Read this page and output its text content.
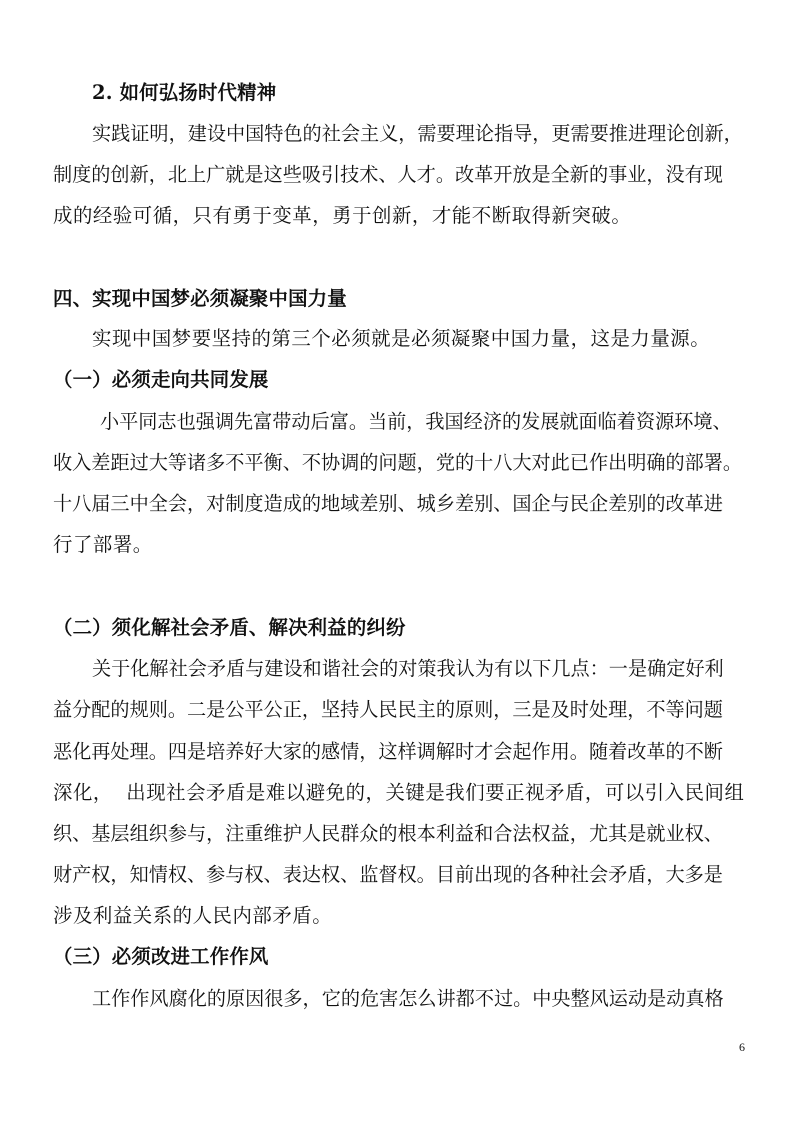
2. 如何弘扬时代精神
实践证明，建设中国特色的社会主义，需要理论指导，更需要推进理论创新，
制度的创新，北上广就是这些吸引技术、人才。改革开放是全新的事业，没有现
成的经验可循，只有勇于变革，勇于创新，才能不断取得新突破。
四、实现中国梦必须凝聚中国力量
实现中国梦要坚持的第三个必须就是必须凝聚中国力量，这是力量源。
（一）必须走向共同发展
小平同志也强调先富带动后富。当前，我国经济的发展就面临着资源环境、
收入差距过大等诸多不平衡、不协调的问题，党的十八大对此已作出明确的部署。
十八届三中全会，对制度造成的地域差别、城乡差别、国企与民企差别的改革进
行了部署。
（二）须化解社会矛盾、解决利益的纠纷
关于化解社会矛盾与建设和谐社会的对策我认为有以下几点：一是确定好利
益分配的规则。二是公平公正，坚持人民民主的原则，三是及时处理，不等问题
恶化再处理。四是培养好大家的感情，这样调解时才会起作用。随着改革的不断
深化，  出现社会矛盾是难以避免的，关键是我们要正视矛盾，可以引入民间组
织、基层组织参与，注重维护人民群众的根本利益和合法权益，尤其是就业权、
财产权，知情权、参与权、表达权、监督权。目前出现的各种社会矛盾，大多是
涉及利益关系的人民内部矛盾。
（三）必须改进工作作风
工作作风腐化的原因很多，它的危害怎么讲都不过。中央整风运动是动真格
6
